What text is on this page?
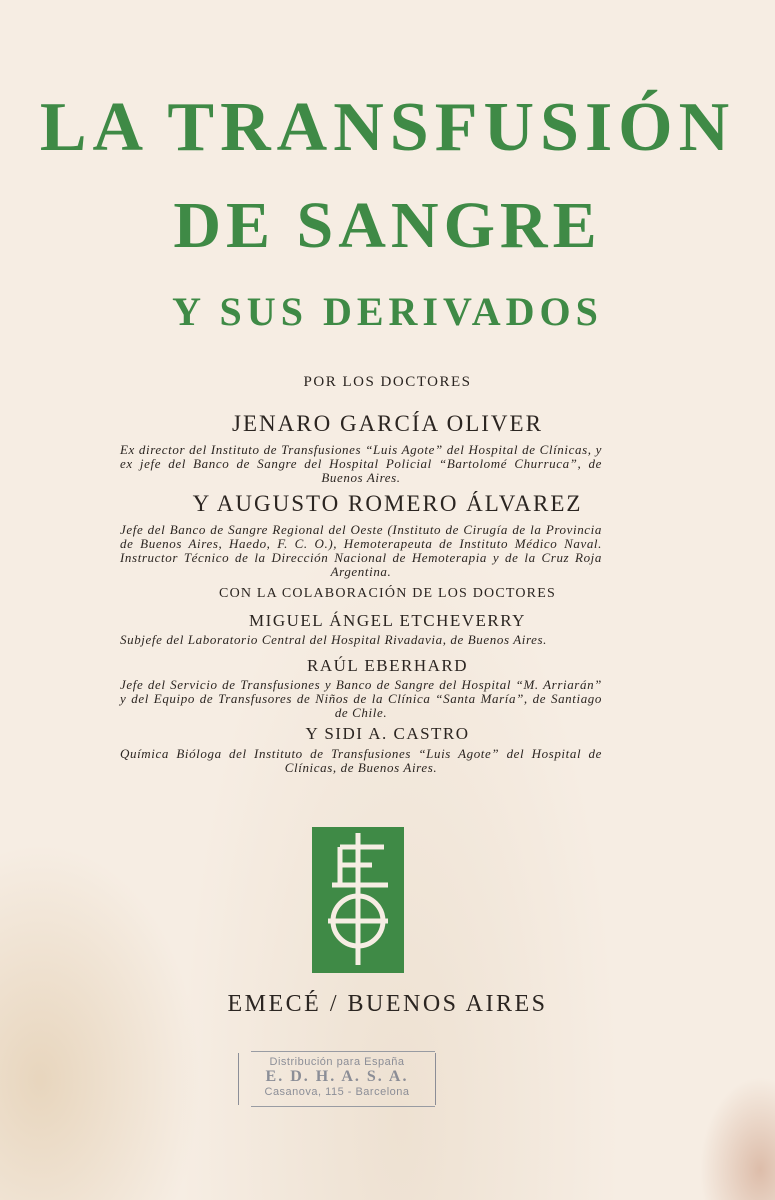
LA TRANSFUSIÓN
DE SANGRE
Y SUS DERIVADOS
POR LOS DOCTORES
JENARO GARCÍA OLIVER
Ex director del Instituto de Transfusiones “Luis Agote” del Hospital de Clínicas, y ex jefe del Banco de Sangre del Hospital Policial “Bartolomé Churruca”, de Buenos Aires.
Y AUGUSTO ROMERO ÁLVAREZ
Jefe del Banco de Sangre Regional del Oeste (Instituto de Cirugía de la Provincia de Buenos Aires, Haedo, F. C. O.), Hemoterapeuta de Instituto Médico Naval. Instructor Técnico de la Dirección Nacional de Hemoterapia y de la Cruz Roja Argentina.
CON LA COLABORACIÓN DE LOS DOCTORES
MIGUEL ÁNGEL ETCHEVERRY
Subjefe del Laboratorio Central del Hospital Rivadavia, de Buenos Aires.
RAÚL EBERHARD
Jefe del Servicio de Transfusiones y Banco de Sangre del Hospital “M. Arriarán” y del Equipo de Transfusores de Niños de la Clínica “Santa María”, de Santiago de Chile.
Y SIDI A. CASTRO
Química Bióloga del Instituto de Transfusiones “Luis Agote” del Hospital de Clínicas, de Buenos Aires.
EMECÉ / BUENOS AIRES
Distribución para España
E. D. H. A. S. A.
Casanova, 115 - Barcelona
